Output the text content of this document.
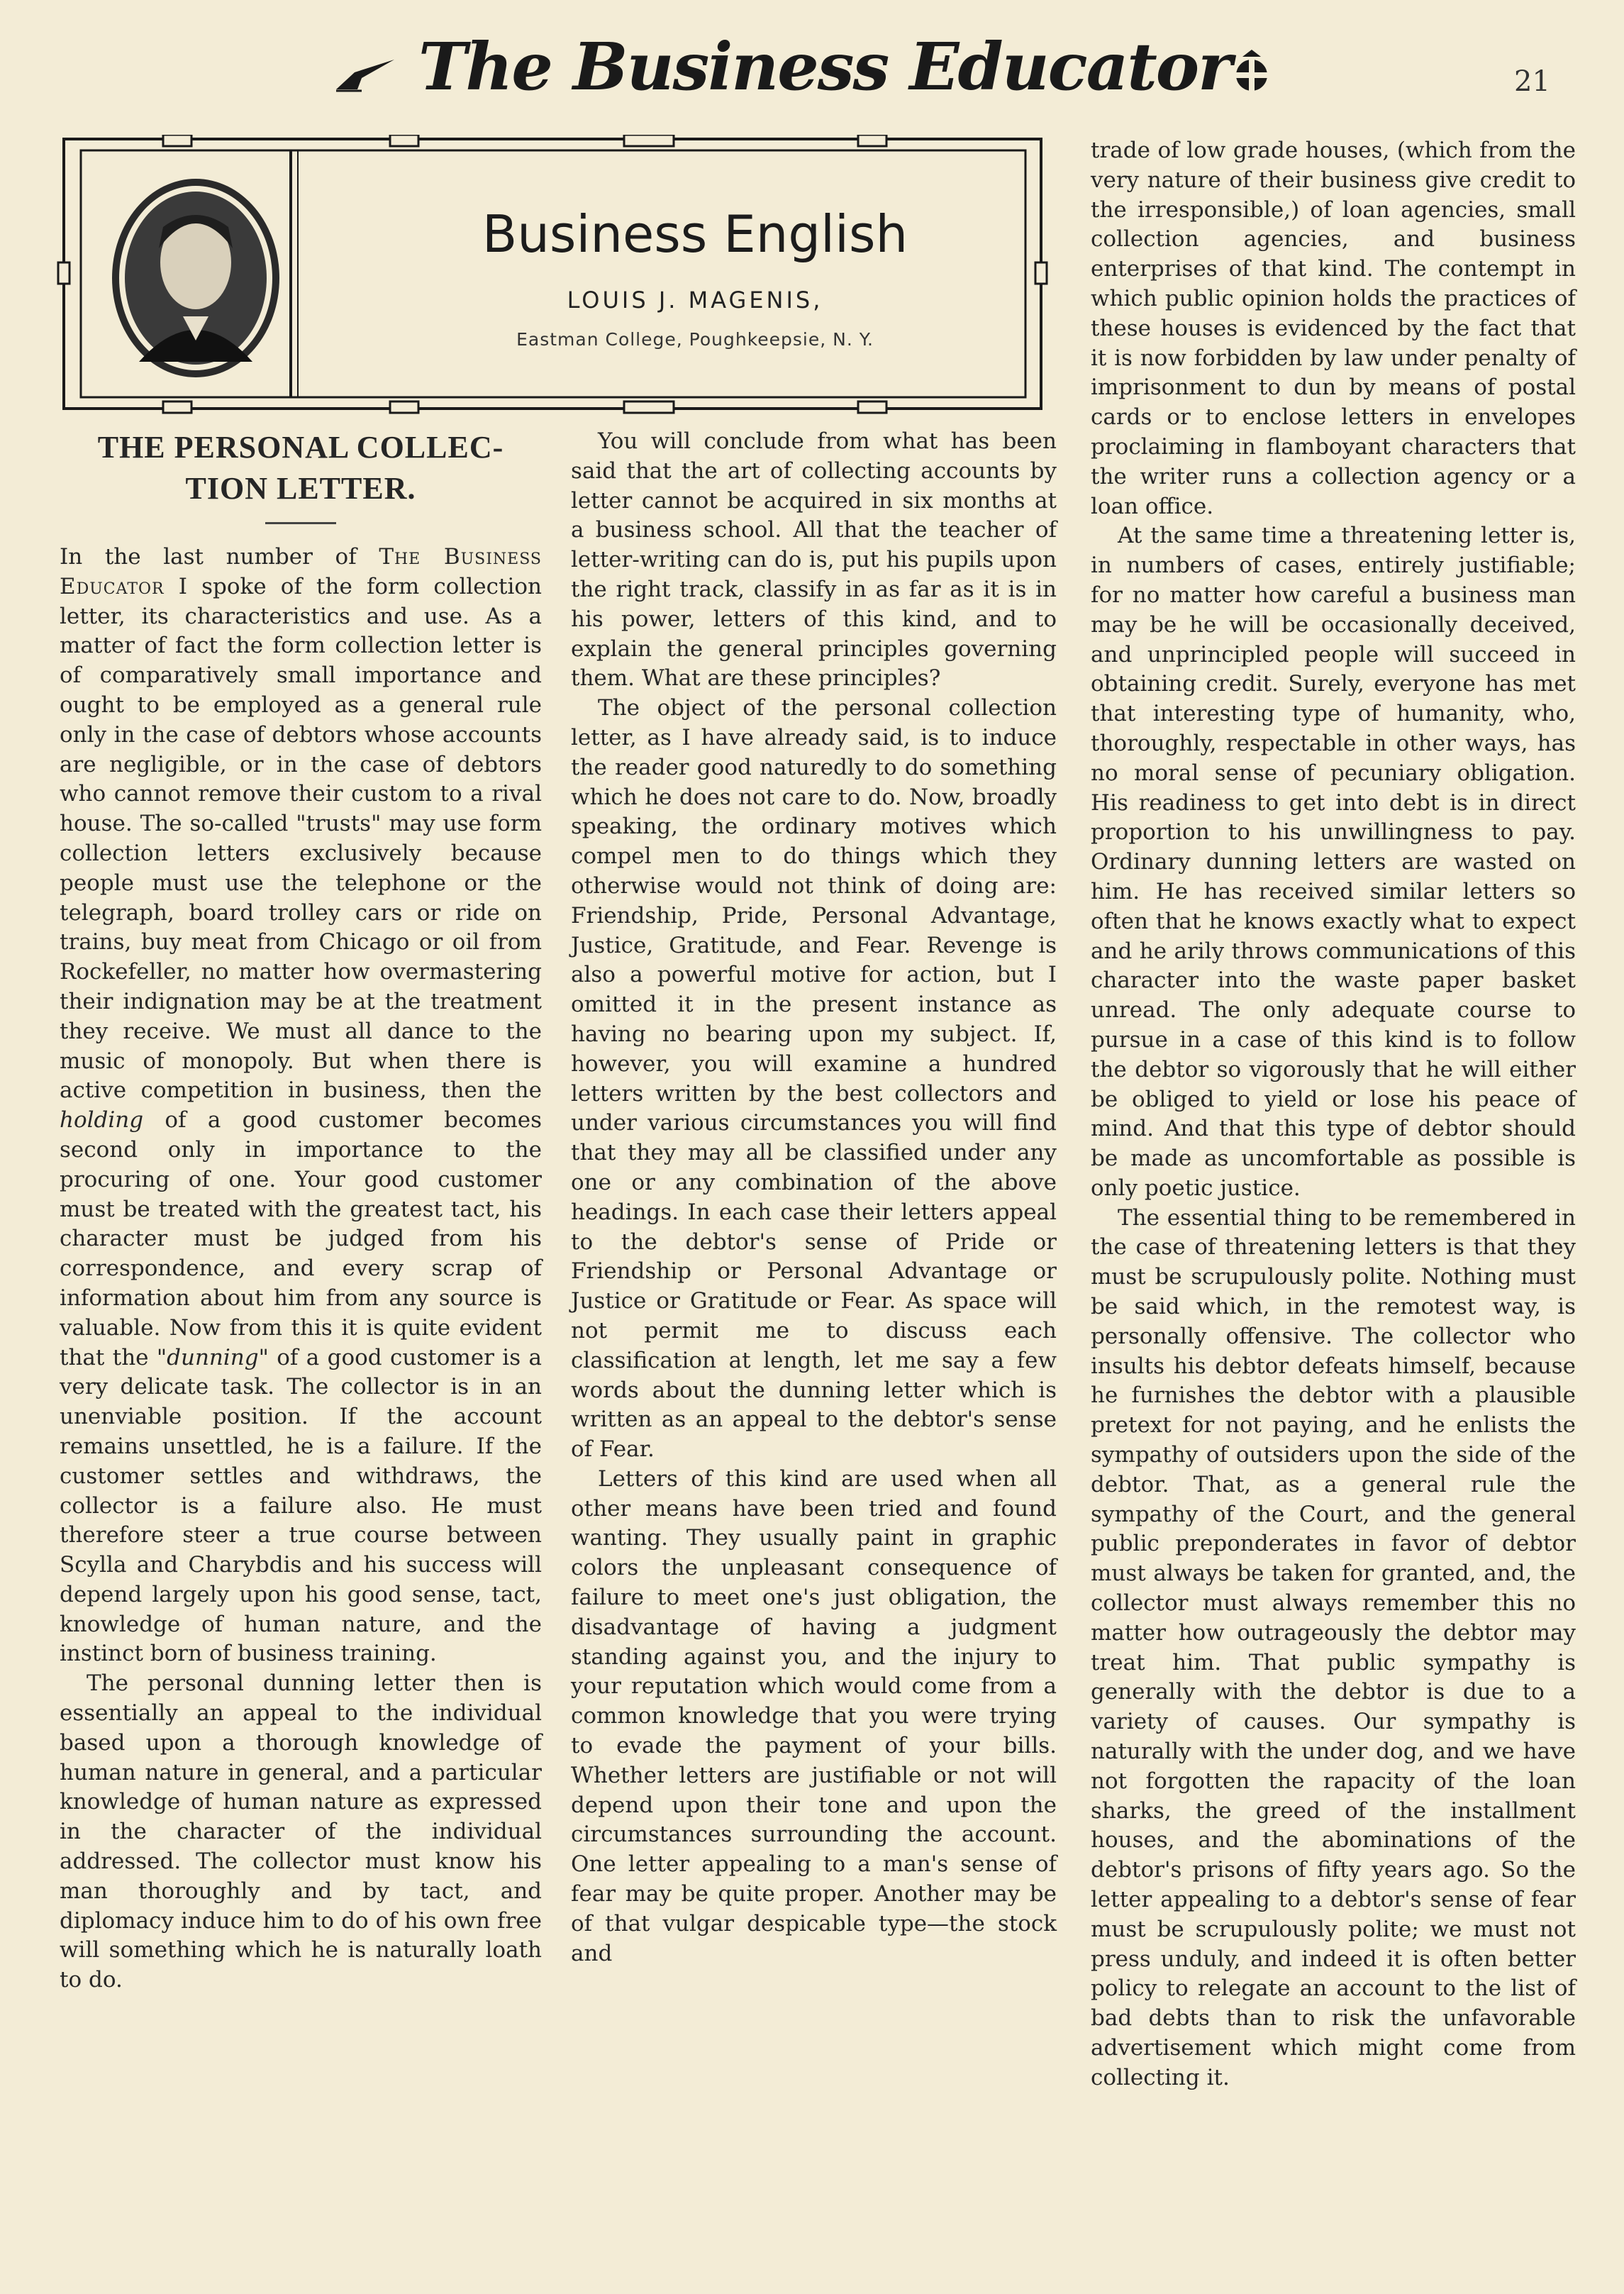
The Business Educator	21
Business English
LOUIS J. MAGENIS,
Eastman College, Poughkeepsie, N. Y.
THE PERSONAL COLLEC-TION LETTER.

In the last number of The Business Educator I spoke of the form collection letter, its characteristics and use. As a matter of fact the form collection letter is of comparatively small importance and ought to be employed as a general rule only in the case of debtors whose accounts are negligible, or in the case of debtors who cannot remove their custom to a rival house. The so-called "trusts" may use form collection letters exclusively because people must use the telephone or the telegraph, board trolley cars or ride on trains, buy meat from Chicago or oil from Rockefeller, no matter how overmastering their indignation may be at the treatment they receive. We must all dance to the music of monopoly. But when there is active competition in business, then the holding of a good customer becomes second only in importance to the procuring of one. Your good customer must be treated with the greatest tact, his character must be judged from his correspondence, and every scrap of information about him from any source is valuable. Now from this it is quite evident that the "dunning" of a good customer is a very delicate task. The collector is in an unenviable position. If the account remains unsettled, he is a failure. If the customer settles and withdraws, the collector is a failure also. He must therefore steer a true course between Scylla and Charybdis and his success will depend largely upon his good sense, tact, knowledge of human nature, and the instinct born of business training.

The personal dunning letter then is essentially an appeal to the individual based upon a thorough knowledge of human nature in general, and a particular knowledge of human nature as expressed in the character of the individual addressed. The collector must know his man thoroughly and by tact, and diplomacy induce him to do of his own free will something which he is naturally loath to do.

You will conclude from what has been said that the art of collecting accounts by letter cannot be acquired in six months at a business school. All that the teacher of letter-writing can do is, put his pupils upon the right track, classify in as far as it is in his power, letters of this kind, and to explain the general principles governing them. What are these principles?

The object of the personal collection letter, as I have already said, is to induce the reader good naturedly to do something which he does not care to do. Now, broadly speaking, the ordinary motives which compel men to do things which they otherwise would not think of doing are: Friendship, Pride, Personal Advantage, Justice, Gratitude, and Fear. Revenge is also a powerful motive for action, but I omitted it in the present instance as having no bearing upon my subject. If, however, you will examine a hundred letters written by the best collectors and under various circumstances you will find that they may all be classified under any one or any combination of the above headings. In each case their letters appeal to the debtor's sense of Pride or Friendship or Personal Advantage or Justice or Gratitude or Fear. As space will not permit me to discuss each classification at length, let me say a few words about the dunning letter which is written as an appeal to the debtor's sense of Fear.

Letters of this kind are used when all other means have been tried and found wanting. They usually paint in graphic colors the unpleasant consequence of failure to meet one's just obligation, the disadvantage of having a judgment standing against you, and the injury to your reputation which would come from a common knowledge that you were trying to evade the payment of your bills. Whether letters are justifiable or not will depend upon their tone and upon the circumstances surrounding the account. One letter appealing to a man's sense of fear may be quite proper. Another may be of that vulgar despicable type—the stock and

trade of low grade houses, (which from the very nature of their business give credit to the irresponsible,) of loan agencies, small collection agencies, and business enterprises of that kind. The contempt in which public opinion holds the practices of these houses is evidenced by the fact that it is now forbidden by law under penalty of imprisonment to dun by means of postal cards or to enclose letters in envelopes proclaiming in flamboyant characters that the writer runs a collection agency or a loan office.

At the same time a threatening letter is, in numbers of cases, entirely justifiable; for no matter how careful a business man may be he will be occasionally deceived, and unprincipled people will succeed in obtaining credit. Surely, everyone has met that interesting type of humanity, who, thoroughly, respectable in other ways, has no moral sense of pecuniary obligation. His readiness to get into debt is in direct proportion to his unwillingness to pay. Ordinary dunning letters are wasted on him. He has received similar letters so often that he knows exactly what to expect and he arily throws communications of this character into the waste paper basket unread. The only adequate course to pursue in a case of this kind is to follow the debtor so vigorously that he will either be obliged to yield or lose his peace of mind. And that this type of debtor should be made as uncomfortable as possible is only poetic justice.

The essential thing to be remembered in the case of threatening letters is that they must be scrupulously polite. Nothing must be said which, in the remotest way, is personally offensive. The collector who insults his debtor defeats himself, because he furnishes the debtor with a plausible pretext for not paying, and he enlists the sympathy of outsiders upon the side of the debtor. That, as a general rule the sympathy of the Court, and the general public preponderates in favor of debtor must always be taken for granted, and, the collector must always remember this no matter how outrageously the debtor may treat him. That public sympathy is generally with the debtor is due to a variety of causes. Our sympathy is naturally with the under dog, and we have not forgotten the rapacity of the loan sharks, the greed of the installment houses, and the abominations of the debtor's prisons of fifty years ago. So the letter appealing to a debtor's sense of fear must be scrupulously polite; we must not press unduly, and indeed it is often better policy to relegate an account to the list of bad debts than to risk the unfavorable advertisement which might come from collecting it.
